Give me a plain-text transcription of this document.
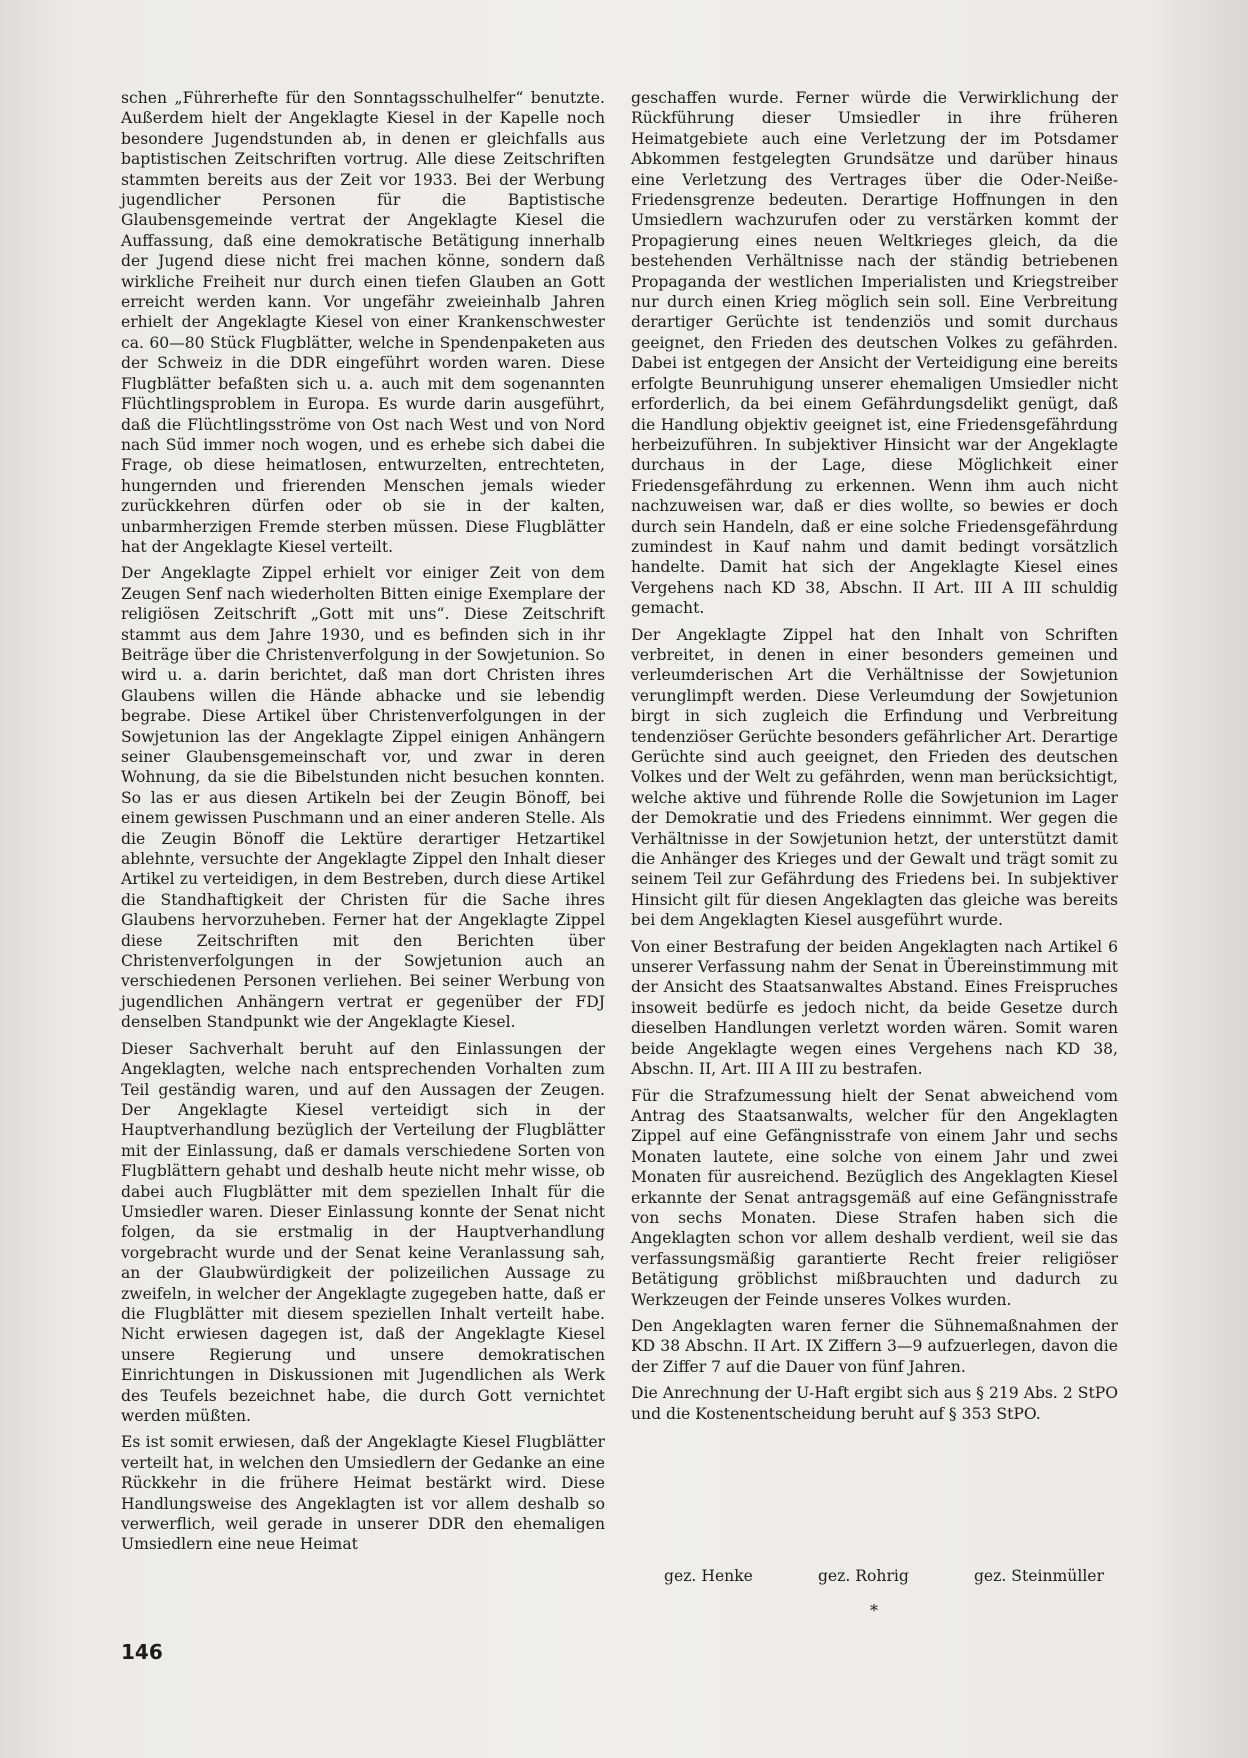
schen „Führerhefte für den Sonntagsschulhelfer“ benutzte. Außerdem hielt der Angeklagte Kiesel in der Kapelle noch besondere Jugendstunden ab, in denen er gleichfalls aus baptistischen Zeitschriften vortrug. Alle diese Zeitschriften stammten bereits aus der Zeit vor 1933. Bei der Werbung jugendlicher Personen für die Baptistische Glaubensgemeinde vertrat der Angeklagte Kiesel die Auffassung, daß eine demokratische Betätigung innerhalb der Jugend diese nicht frei machen könne, sondern daß wirkliche Freiheit nur durch einen tiefen Glauben an Gott erreicht werden kann. Vor ungefähr zweieinhalb Jahren erhielt der Angeklagte Kiesel von einer Krankenschwester ca. 60—80 Stück Flugblätter, welche in Spendenpaketen aus der Schweiz in die DDR eingeführt worden waren. Diese Flugblätter befaßten sich u. a. auch mit dem sogenannten Flüchtlingsproblem in Europa. Es wurde darin ausgeführt, daß die Flüchtlingsströme von Ost nach West und von Nord nach Süd immer noch wogen, und es erhebe sich dabei die Frage, ob diese heimatlosen, entwurzelten, entrechteten, hungernden und frierenden Menschen jemals wieder zurückkehren dürfen oder ob sie in der kalten, unbarmherzigen Fremde sterben müssen. Diese Flugblätter hat der Angeklagte Kiesel verteilt.

Der Angeklagte Zippel erhielt vor einiger Zeit von dem Zeugen Senf nach wiederholten Bitten einige Exemplare der religiösen Zeitschrift „Gott mit uns“. Diese Zeitschrift stammt aus dem Jahre 1930, und es befinden sich in ihr Beiträge über die Christenverfolgung in der Sowjetunion. So wird u. a. darin berichtet, daß man dort Christen ihres Glaubens willen die Hände abhacke und sie lebendig begrabe. Diese Artikel über Christenverfolgungen in der Sowjetunion las der Angeklagte Zippel einigen Anhängern seiner Glaubensgemeinschaft vor, und zwar in deren Wohnung, da sie die Bibelstunden nicht besuchen konnten. So las er aus diesen Artikeln bei der Zeugin Bönoff, bei einem gewissen Puschmann und an einer anderen Stelle. Als die Zeugin Bönoff die Lektüre derartiger Hetzartikel ablehnte, versuchte der Angeklagte Zippel den Inhalt dieser Artikel zu verteidigen, in dem Bestreben, durch diese Artikel die Standhaftigkeit der Christen für die Sache ihres Glaubens hervorzuheben. Ferner hat der Angeklagte Zippel diese Zeitschriften mit den Berichten über Christenverfolgungen in der Sowjetunion auch an verschiedenen Personen verliehen. Bei seiner Werbung von jugendlichen Anhängern vertrat er gegenüber der FDJ denselben Standpunkt wie der Angeklagte Kiesel.

Dieser Sachverhalt beruht auf den Einlassungen der Angeklagten, welche nach entsprechenden Vorhalten zum Teil geständig waren, und auf den Aussagen der Zeugen. Der Angeklagte Kiesel verteidigt sich in der Hauptverhandlung bezüglich der Verteilung der Flugblätter mit der Einlassung, daß er damals verschiedene Sorten von Flugblättern gehabt und deshalb heute nicht mehr wisse, ob dabei auch Flugblätter mit dem speziellen Inhalt für die Umsiedler waren. Dieser Einlassung konnte der Senat nicht folgen, da sie erstmalig in der Hauptverhandlung vorgebracht wurde und der Senat keine Veranlassung sah, an der Glaubwürdigkeit der polizeilichen Aussage zu zweifeln, in welcher der Angeklagte zugegeben hatte, daß er die Flugblätter mit diesem speziellen Inhalt verteilt habe. Nicht erwiesen dagegen ist, daß der Angeklagte Kiesel unsere Regierung und unsere demokratischen Einrichtungen in Diskussionen mit Jugendlichen als Werk des Teufels bezeichnet habe, die durch Gott vernichtet werden müßten.

Es ist somit erwiesen, daß der Angeklagte Kiesel Flugblätter verteilt hat, in welchen den Umsiedlern der Gedanke an eine Rückkehr in die frühere Heimat bestärkt wird. Diese Handlungsweise des Angeklagten ist vor allem deshalb so verwerflich, weil gerade in unserer DDR den ehemaligen Umsiedlern eine neue Heimat

geschaffen wurde. Ferner würde die Verwirklichung der Rückführung dieser Umsiedler in ihre früheren Heimatgebiete auch eine Verletzung der im Potsdamer Abkommen festgelegten Grundsätze und darüber hinaus eine Verletzung des Vertrages über die Oder-Neiße-Friedensgrenze bedeuten. Derartige Hoffnungen in den Umsiedlern wachzurufen oder zu verstärken kommt der Propagierung eines neuen Weltkrieges gleich, da die bestehenden Verhältnisse nach der ständig betriebenen Propaganda der westlichen Imperialisten und Kriegstreiber nur durch einen Krieg möglich sein soll. Eine Verbreitung derartiger Gerüchte ist tendenziös und somit durchaus geeignet, den Frieden des deutschen Volkes zu gefährden. Dabei ist entgegen der Ansicht der Verteidigung eine bereits erfolgte Beunruhigung unserer ehemaligen Umsiedler nicht erforderlich, da bei einem Gefährdungsdelikt genügt, daß die Handlung objektiv geeignet ist, eine Friedensgefährdung herbeizuführen. In subjektiver Hinsicht war der Angeklagte durchaus in der Lage, diese Möglichkeit einer Friedensgefährdung zu erkennen. Wenn ihm auch nicht nachzuweisen war, daß er dies wollte, so bewies er doch durch sein Handeln, daß er eine solche Friedensgefährdung zumindest in Kauf nahm und damit bedingt vorsätzlich handelte. Damit hat sich der Angeklagte Kiesel eines Vergehens nach KD 38, Abschn. II Art. III A III schuldig gemacht.

Der Angeklagte Zippel hat den Inhalt von Schriften verbreitet, in denen in einer besonders gemeinen und verleumderischen Art die Verhältnisse der Sowjetunion verunglimpft werden. Diese Verleumdung der Sowjetunion birgt in sich zugleich die Erfindung und Verbreitung tendenziöser Gerüchte besonders gefährlicher Art. Derartige Gerüchte sind auch geeignet, den Frieden des deutschen Volkes und der Welt zu gefährden, wenn man berücksichtigt, welche aktive und führende Rolle die Sowjetunion im Lager der Demokratie und des Friedens einnimmt. Wer gegen die Verhältnisse in der Sowjetunion hetzt, der unterstützt damit die Anhänger des Krieges und der Gewalt und trägt somit zu seinem Teil zur Gefährdung des Friedens bei. In subjektiver Hinsicht gilt für diesen Angeklagten das gleiche was bereits bei dem Angeklagten Kiesel ausgeführt wurde.

Von einer Bestrafung der beiden Angeklagten nach Artikel 6 unserer Verfassung nahm der Senat in Übereinstimmung mit der Ansicht des Staatsanwaltes Abstand. Eines Freispruches insoweit bedürfe es jedoch nicht, da beide Gesetze durch dieselben Handlungen verletzt worden wären. Somit waren beide Angeklagte wegen eines Vergehens nach KD 38, Abschn. II, Art. III A III zu bestrafen.

Für die Strafzumessung hielt der Senat abweichend vom Antrag des Staatsanwalts, welcher für den Angeklagten Zippel auf eine Gefängnisstrafe von einem Jahr und sechs Monaten lautete, eine solche von einem Jahr und zwei Monaten für ausreichend. Bezüglich des Angeklagten Kiesel erkannte der Senat antragsgemäß auf eine Gefängnisstrafe von sechs Monaten. Diese Strafen haben sich die Angeklagten schon vor allem deshalb verdient, weil sie das verfassungsmäßig garantierte Recht freier religiöser Betätigung gröblichst mißbrauchten und dadurch zu Werkzeugen der Feinde unseres Volkes wurden.

Den Angeklagten waren ferner die Sühnemaßnahmen der KD 38 Abschn. II Art. IX Ziffern 3—9 aufzuerlegen, davon die der Ziffer 7 auf die Dauer von fünf Jahren.

Die Anrechnung der U-Haft ergibt sich aus § 219 Abs. 2 StPO und die Kostenentscheidung beruht auf § 353 StPO.

gez. Henke	gez. Rohrig	gez. Steinmüller
*
146
